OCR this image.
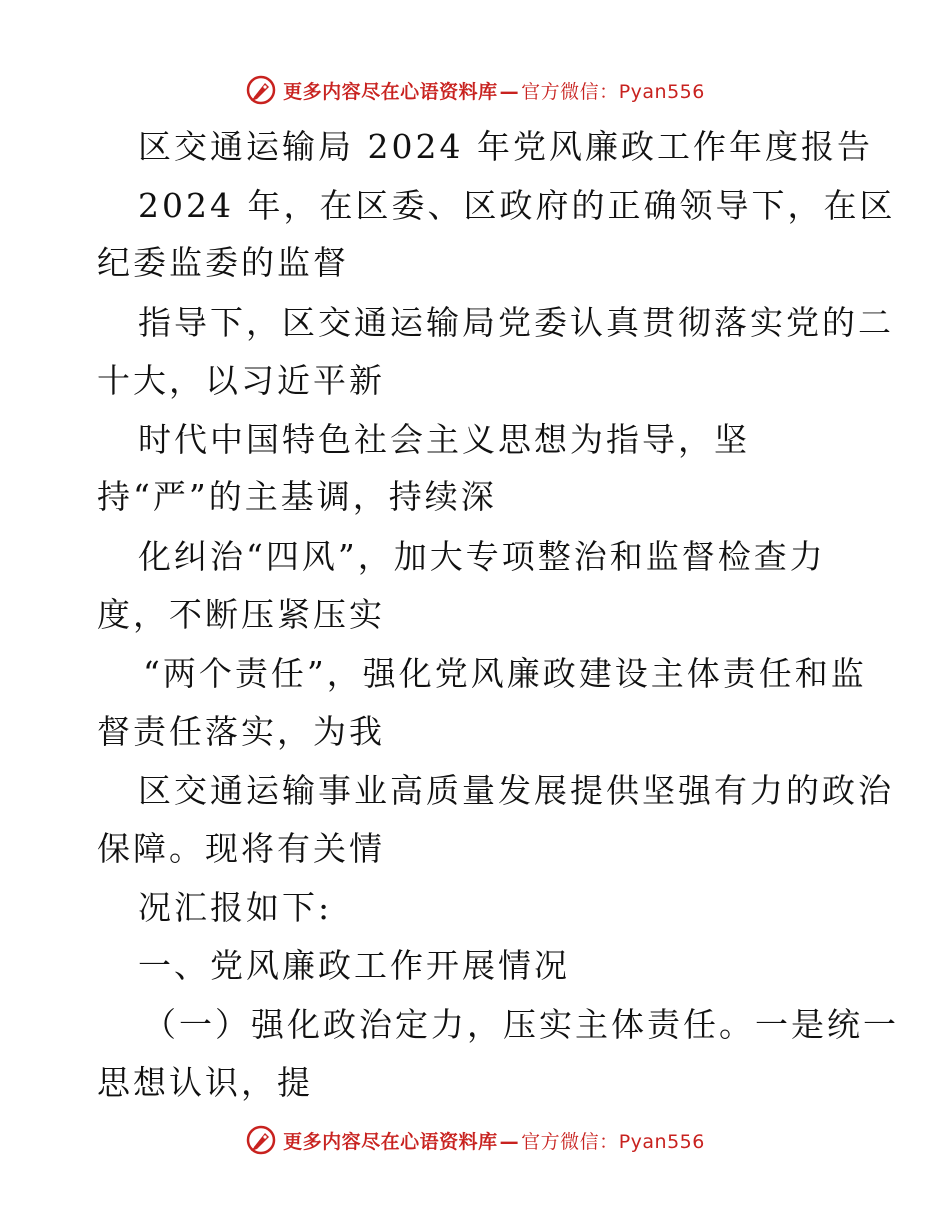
更多内容尽在心语资料库 — 官方微信：Pyan556
区交通运输局 2024 年党风廉政工作年度报告
2024 年，在区委、区政府的正确领导下，在区
纪委监委的监督
指导下，区交通运输局党委认真贯彻落实党的二
十大，以习近平新
时代中国特色社会主义思想为指导，坚
持“严”的主基调，持续深
化纠治“四风”，加大专项整治和监督检查力
度，不断压紧压实
“两个责任”，强化党风廉政建设主体责任和监
督责任落实，为我
区交通运输事业高质量发展提供坚强有力的政治
保障。现将有关情
况汇报如下:
一、党风廉政工作开展情况
（一）强化政治定力，压实主体责任。一是统一
思想认识，提
更多内容尽在心语资料库 — 官方微信：Pyan556
